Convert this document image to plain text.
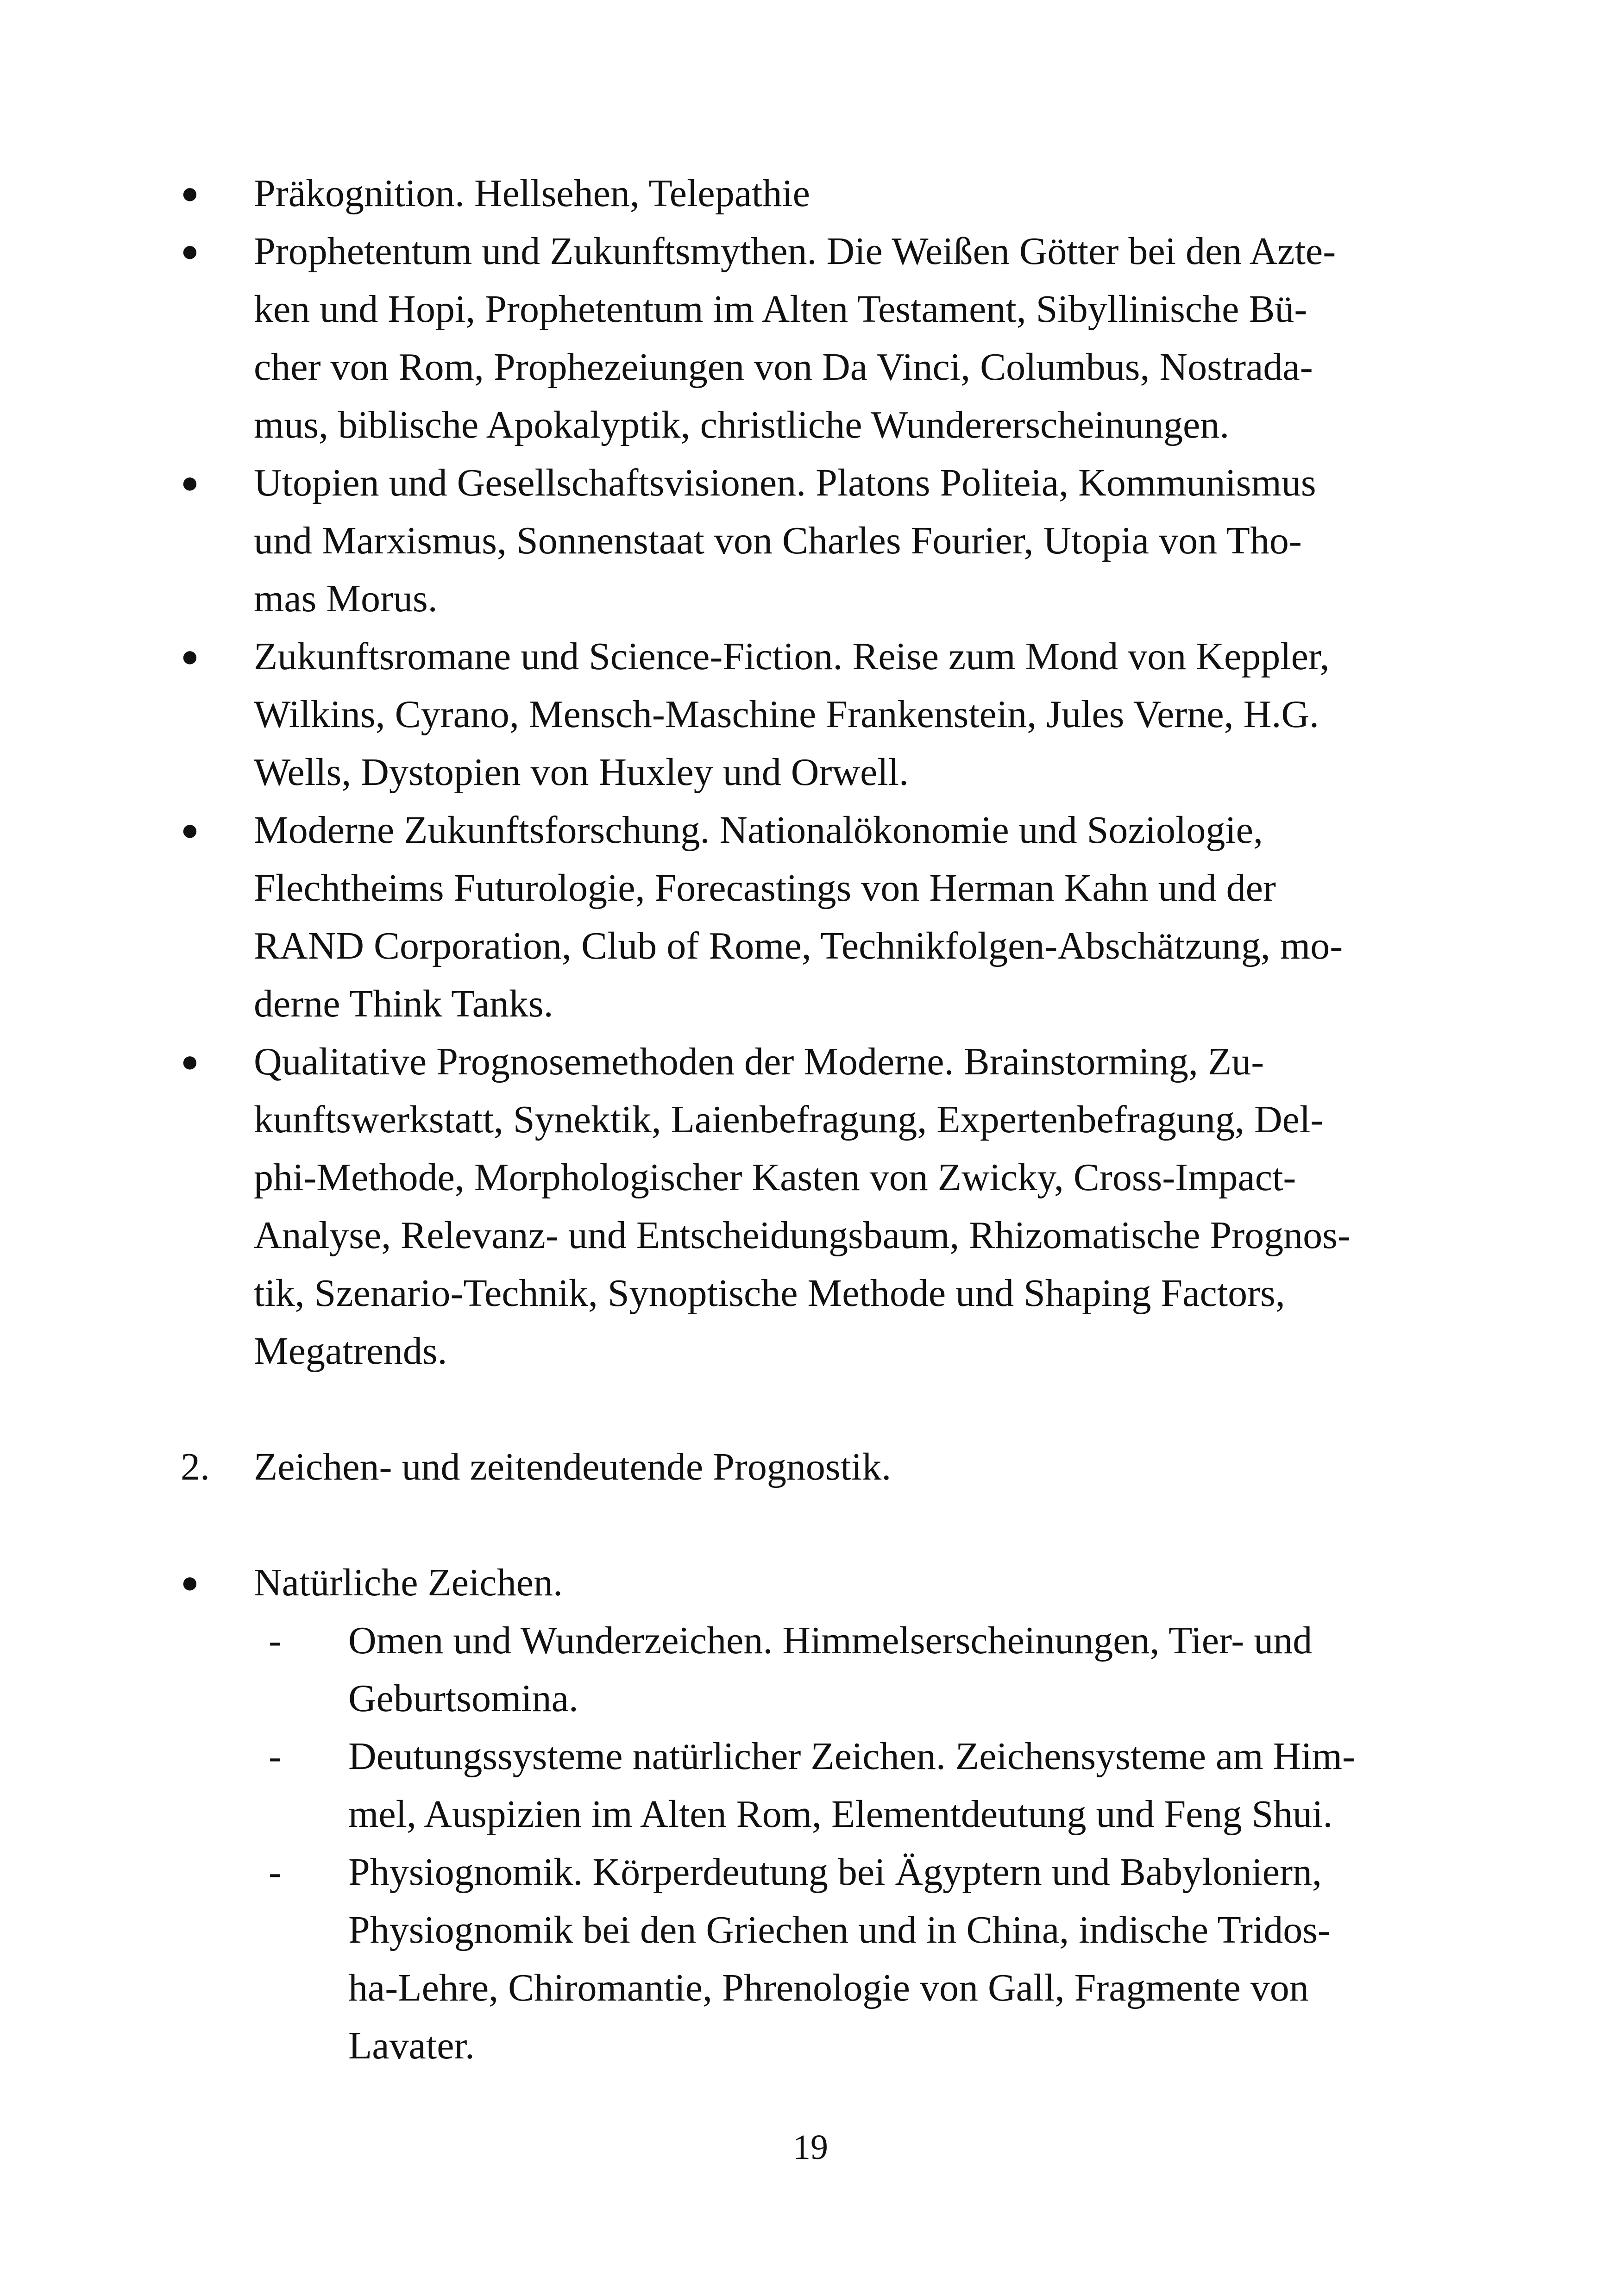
●	Präkognition. Hellsehen, Telepathie
●	Prophetentum und Zukunftsmythen. Die Weißen Götter bei den Azte-
ken und Hopi, Prophetentum im Alten Testament, Sibyllinische Bü-
cher von Rom, Prophezeiungen von Da Vinci, Columbus, Nostrada-
mus, biblische Apokalyptik, christliche Wundererscheinungen.
●	Utopien und Gesellschaftsvisionen. Platons Politeia, Kommunismus
und Marxismus, Sonnenstaat von Charles Fourier, Utopia von Tho-
mas Morus.
●	Zukunftsromane und Science-Fiction. Reise zum Mond von Keppler,
Wilkins, Cyrano, Mensch-Maschine Frankenstein, Jules Verne, H.G.
Wells, Dystopien von Huxley und Orwell.
●	Moderne Zukunftsforschung. Nationalökonomie und Soziologie,
Flechtheims Futurologie, Forecastings von Herman Kahn und der
RAND Corporation, Club of Rome, Technikfolgen-Abschätzung, mo-
derne Think Tanks.
●	Qualitative Prognosemethoden der Moderne. Brainstorming, Zu-
kunftswerkstatt, Synektik, Laienbefragung, Expertenbefragung, Del-
phi-Methode, Morphologischer Kasten von Zwicky, Cross-Impact-
Analyse, Relevanz- und Entscheidungsbaum, Rhizomatische Prognos-
tik, Szenario-Technik, Synoptische Methode und Shaping Factors,
Megatrends.
2.	Zeichen- und zeitendeutende Prognostik.
●	Natürliche Zeichen.
-	Omen und Wunderzeichen. Himmelserscheinungen, Tier- und
Geburtsomina.
-	Deutungssysteme natürlicher Zeichen. Zeichensysteme am Him-
mel, Auspizien im Alten Rom, Elementdeutung und Feng Shui.
-	Physiognomik. Körperdeutung bei Ägyptern und Babyloniern,
Physiognomik bei den Griechen und in China, indische Tridos-
ha-Lehre, Chiromantie, Phrenologie von Gall, Fragmente von
Lavater.
19
